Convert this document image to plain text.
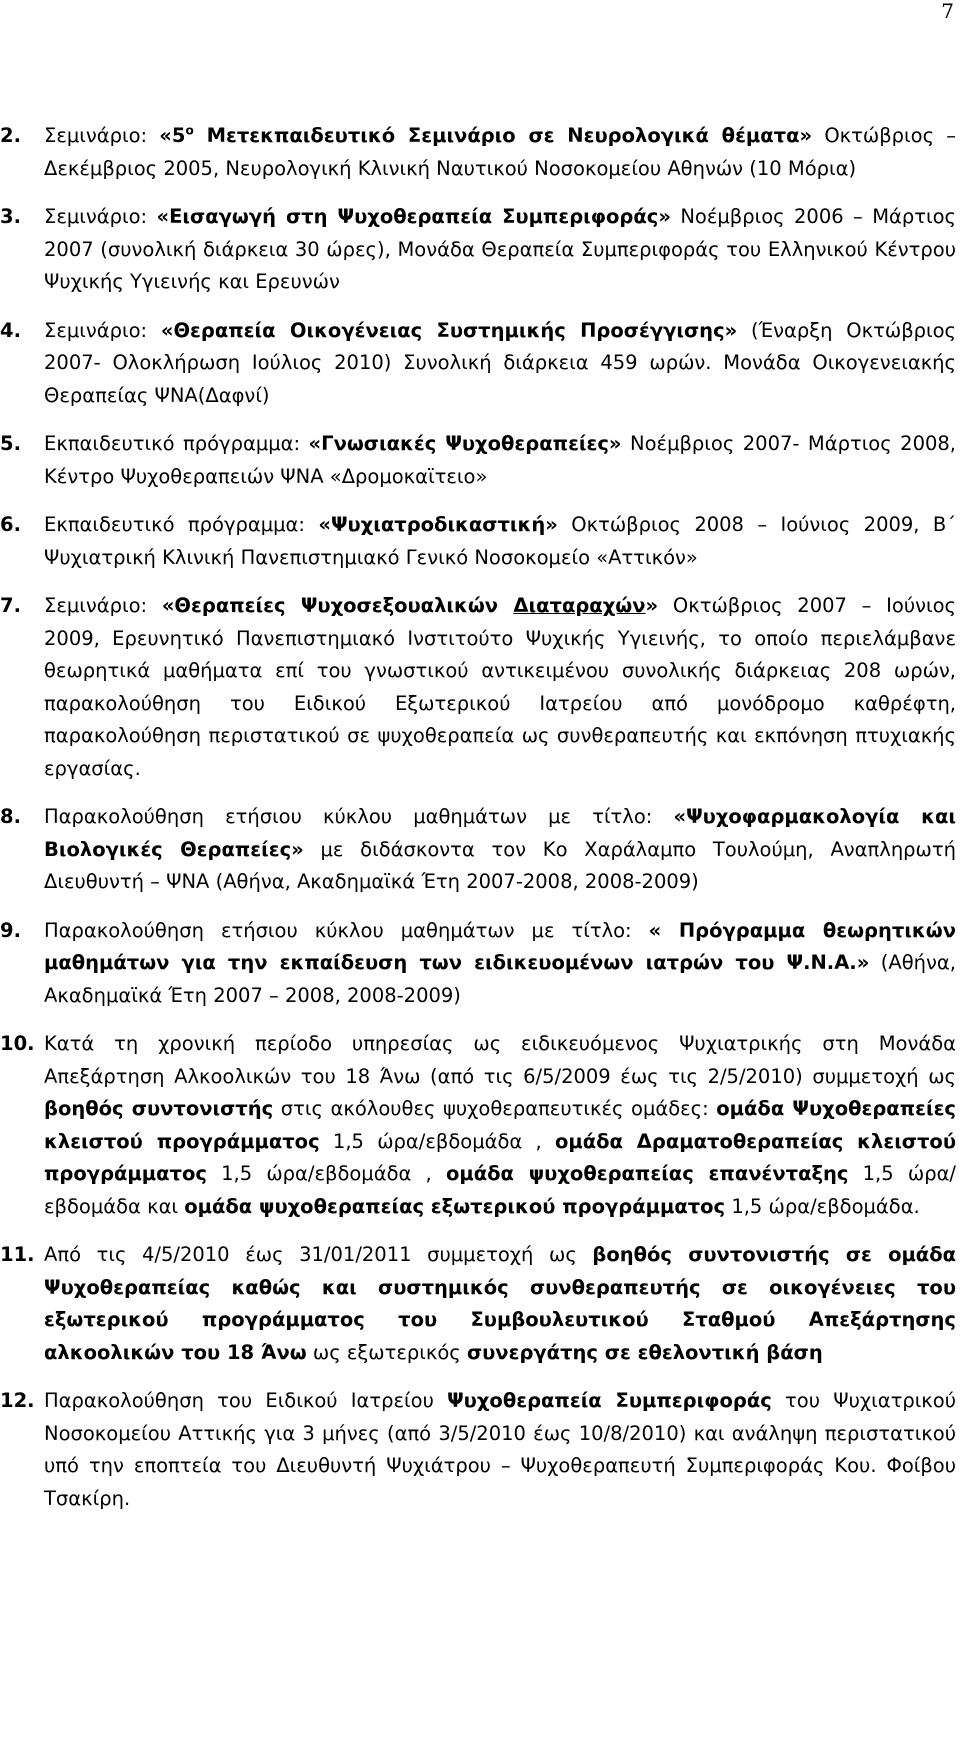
7
2. Σεμινάριο: «$5^o$ Μετεκπαιδευτικό Σεμινάριο σε Νευρολογικά θέματα» Οκτώβριος – Δεκέμβριος 2005, Νευρολογική Κλινική Ναυτικού Νοσοκομείου Αθηνών (10 Μόρια)
3. Σεμινάριο: «Εισαγωγή στη Ψυχοθεραπεία Συμπεριφοράς» Νοέμβριος 2006 – Μάρτιος 2007 (συνολική διάρκεια 30 ώρες), Μονάδα Θεραπεία Συμπεριφοράς του Ελληνικού Κέντρου Ψυχικής Υγιεινής και Ερευνών
4. Σεμινάριο: «Θεραπεία Οικογένειας Συστημικής Προσέγγισης» (Έναρξη Οκτώβριος 2007- Ολοκλήρωση Ιούλιος 2010) Συνολική διάρκεια 459 ωρών. Μονάδα Οικογενειακής Θεραπείας ΨΝΑ(Δαφνί)
5. Εκπαιδευτικό πρόγραμμα: «Γνωσιακές Ψυχοθεραπείες» Νοέμβριος 2007- Μάρτιος 2008, Κέντρο Ψυχοθεραπειών ΨΝΑ «Δρομοκαϊτειο»
6. Εκπαιδευτικό πρόγραμμα: «Ψυχιατροδικαστική» Οκτώβριος 2008 – Ιούνιος 2009, Β΄ Ψυχιατρική Κλινική Πανεπιστημιακό Γενικό Νοσοκομείο «Αττικόν»
7. Σεμινάριο: «Θεραπείες Ψυχοσεξουαλικών Διαταραχών» Οκτώβριος 2007 – Ιούνιος 2009, Ερευνητικό Πανεπιστημιακό Ινστιτούτο Ψυχικής Υγιεινής, το οποίο περιελάμβανε θεωρητικά μαθήματα επί του γνωστικού αντικειμένου συνολικής διάρκειας 208 ωρών, παρακολούθηση του Ειδικού Εξωτερικού Ιατρείου από μονόδρομο καθρέφτη, παρακολούθηση περιστατικού σε ψυχοθεραπεία ως συνθεραπευτής και εκπόνηση πτυχιακής εργασίας.
8. Παρακολούθηση ετήσιου κύκλου μαθημάτων με τίτλο: «Ψυχοφαρμακολογία και Βιολογικές Θεραπείες» με διδάσκοντα τον Κο Χαράλαμπο Τουλούμη, Αναπληρωτή Διευθυντή – ΨΝΑ (Αθήνα, Ακαδημαϊκά Έτη 2007-2008, 2008-2009)
9. Παρακολούθηση ετήσιου κύκλου μαθημάτων με τίτλο: « Πρόγραμμα θεωρητικών μαθημάτων για την εκπαίδευση των ειδικευομένων ιατρών του Ψ.Ν.Α.» (Αθήνα, Ακαδημαϊκά Έτη 2007 – 2008, 2008-2009)
10. Κατά τη χρονική περίοδο υπηρεσίας ως ειδικευόμενος Ψυχιατρικής στη Μονάδα Απεξάρτηση Αλκοολικών του 18 Άνω (από τις 6/5/2009 έως τις 2/5/2010) συμμετοχή ως βοηθός συντονιστής στις ακόλουθες ψυχοθεραπευτικές ομάδες: ομάδα Ψυχοθεραπείες κλειστού προγράμματος 1,5 ώρα/εβδομάδα , ομάδα Δραματοθεραπείας κλειστού προγράμματος 1,5 ώρα/εβδομάδα , ομάδα ψυχοθεραπείας επανένταξης 1,5 ώρα/εβδομάδα και ομάδα ψυχοθεραπείας εξωτερικού προγράμματος 1,5 ώρα/εβδομάδα.
11. Από τις 4/5/2010 έως 31/01/2011 συμμετοχή ως βοηθός συντονιστής σε ομάδα Ψυχοθεραπείας καθώς και συστημικός συνθεραπευτής σε οικογένειες του εξωτερικού προγράμματος του Συμβουλευτικού Σταθμού Απεξάρτησης αλκοολικών του 18 Άνω ως εξωτερικός συνεργάτης σε εθελοντική βάση
12. Παρακολούθηση του Ειδικού Ιατρείου Ψυχοθεραπεία Συμπεριφοράς του Ψυχιατρικού Νοσοκομείου Αττικής για 3 μήνες (από 3/5/2010 έως 10/8/2010) και ανάληψη περιστατικού υπό την εποπτεία του Διευθυντή Ψυχιάτρου – Ψυχοθεραπευτή Συμπεριφοράς Κου. Φοίβου Τσακίρη.
